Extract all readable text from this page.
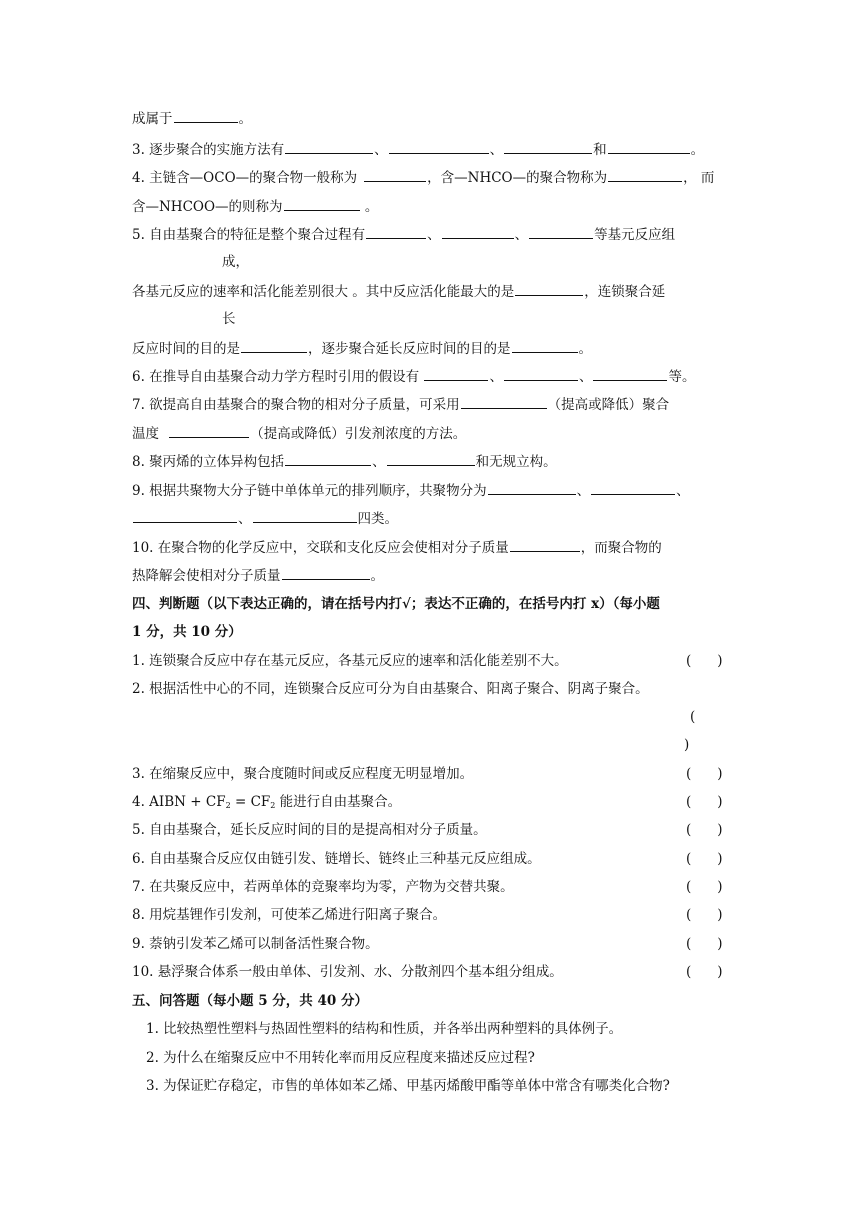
成属于	。
3. 逐步聚合的实施方法有	、	、	和	。
4. 主链含—OCO—的聚合物一般称为	，含—NHCO—的聚合物称为	， 而
含—NHCOO—的则称为	。
5. 自由基聚合的特征是整个聚合过程有	、	、	等基元反应组
成，
各基元反应的速率和活化能差别很大 。其中反应活化能最大的是	，连锁聚合延
长
反应时间的目的是	，逐步聚合延长反应时间的目的是	。
6. 在推导自由基聚合动力学方程时引用的假设有	、	、	等。
7. 欲提高自由基聚合的聚合物的相对分子质量，可采用	（提高或降低）聚合
温度	（提高或降低）引发剂浓度的方法。
8. 聚丙烯的立体异构包括	、	和无规立构。
9. 根据共聚物大分子链中单体单元的排列顺序，共聚物分为	、	、
、	四类。
10. 在聚合物的化学反应中，交联和支化反应会使相对分子质量	，而聚合物的
热降解会使相对分子质量	。
四、判断题（以下表达正确的，请在括号内打√；表达不正确的，在括号内打 x）（每小题
1 分，共 10 分）
1. 连锁聚合反应中存在基元反应，各基元反应的速率和活化能差别不大。	( )
2. 根据活性中心的不同，连锁聚合反应可分为自由基聚合、阳离子聚合、阴离子聚合。
(
)
3. 在缩聚反应中，聚合度随时间或反应程度无明显增加。	( )
4. AIBN + $CF_2 = CF_2$ 能进行自由基聚合。	( )
5. 自由基聚合，延长反应时间的目的是提高相对分子质量。	( )
6. 自由基聚合反应仅由链引发、链增长、链终止三种基元反应组成。	( )
7. 在共聚反应中，若两单体的竞聚率均为零，产物为交替共聚。	( )
8. 用烷基锂作引发剂，可使苯乙烯进行阳离子聚合。	( )
9. 萘钠引发苯乙烯可以制备活性聚合物。	( )
10. 悬浮聚合体系一般由单体、引发剂、水、分散剂四个基本组分组成。	( )
五、问答题（每小题 5 分，共 40 分）
1. 比较热塑性塑料与热固性塑料的结构和性质，并各举出两种塑料的具体例子。
2. 为什么在缩聚反应中不用转化率而用反应程度来描述反应过程?
3. 为保证贮存稳定，市售的单体如苯乙烯、甲基丙烯酸甲酯等单体中常含有哪类化合物?
